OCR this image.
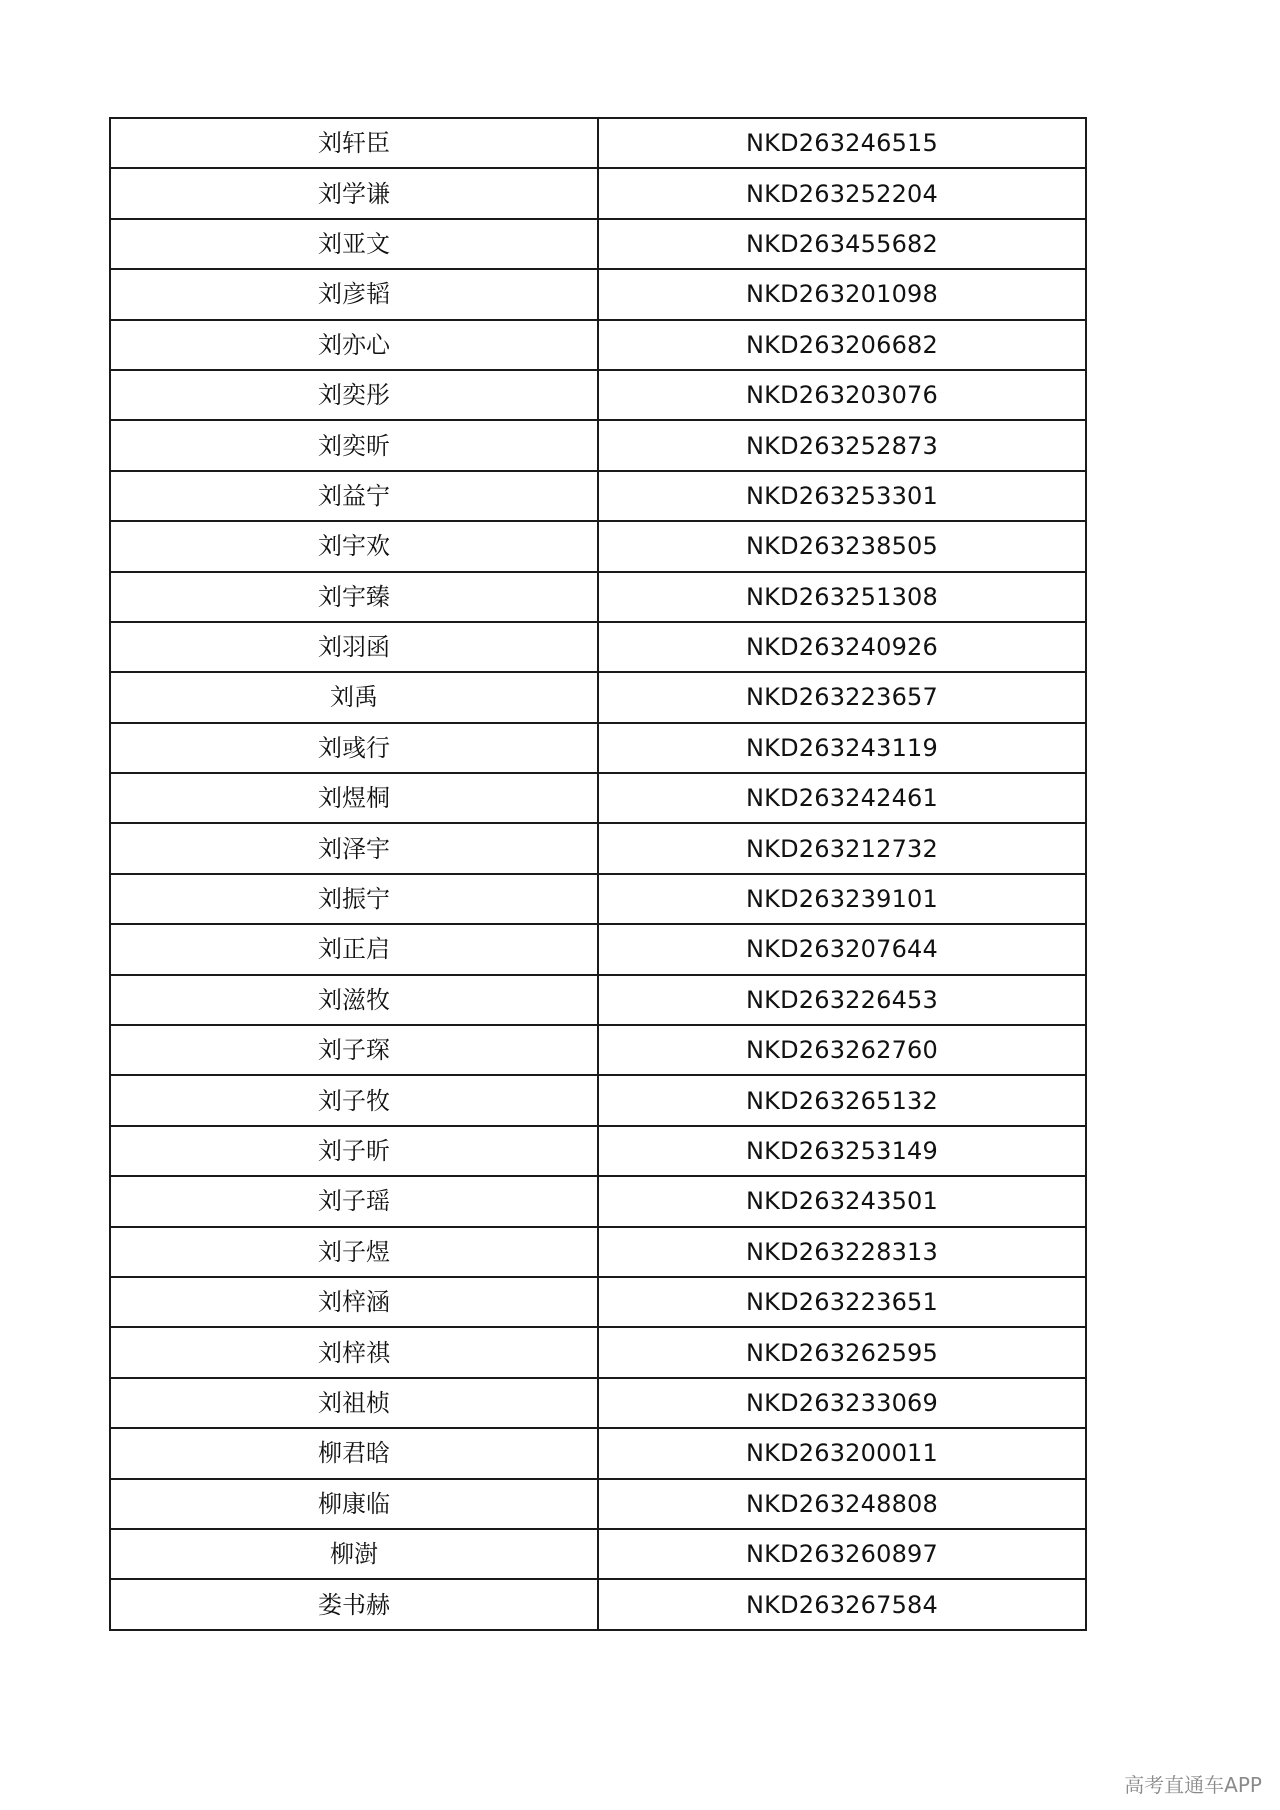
刘轩臣	NKD263246515
刘学谦	NKD263252204
刘亚文	NKD263455682
刘彦韬	NKD263201098
刘亦心	NKD263206682
刘奕彤	NKD263203076
刘奕昕	NKD263252873
刘益宁	NKD263253301
刘宇欢	NKD263238505
刘宇臻	NKD263251308
刘羽函	NKD263240926
刘禹	NKD263223657
刘彧行	NKD263243119
刘煜桐	NKD263242461
刘泽宇	NKD263212732
刘振宁	NKD263239101
刘正启	NKD263207644
刘滋牧	NKD263226453
刘子琛	NKD263262760
刘子牧	NKD263265132
刘子昕	NKD263253149
刘子瑶	NKD263243501
刘子煜	NKD263228313
刘梓涵	NKD263223651
刘梓祺	NKD263262595
刘祖桢	NKD263233069
柳君晗	NKD263200011
柳康临	NKD263248808
柳澍	NKD263260897
娄书赫	NKD263267584
高考直通车APP
